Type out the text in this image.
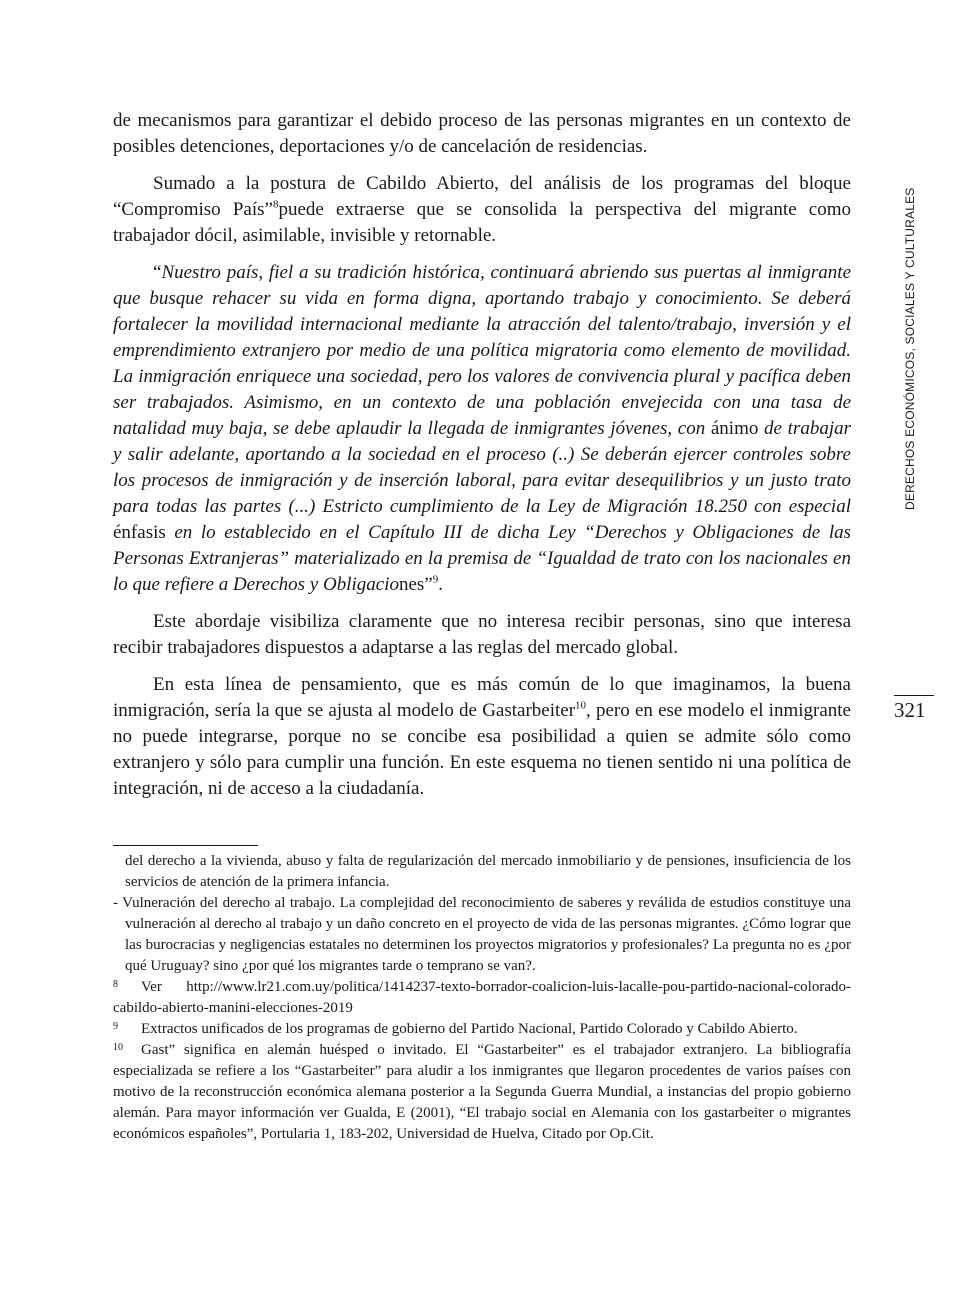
de mecanismos para garantizar el debido proceso de las personas migrantes en un contexto de posibles detenciones, deportaciones y/o de cancelación de residencias.

Sumado a la postura de Cabildo Abierto, del análisis de los programas del bloque “Compromiso País”$^8$puede extraerse que se consolida la perspectiva del migrante como trabajador dócil, asimilable, invisible y retornable.

“Nuestro país, fiel a su tradición histórica, continuará abriendo sus puertas al inmigrante que busque rehacer su vida en forma digna, aportando trabajo y conocimiento. Se deberá fortalecer la movilidad internacional mediante la atracción del talento/trabajo, inversión y el emprendimiento extranjero por medio de una política migratoria como elemento de movilidad. La inmigración enriquece una sociedad, pero los valores de convivencia plural y pacífica deben ser trabajados. Asimismo, en un contexto de una población envejecida con una tasa de natalidad muy baja, se debe aplaudir la llegada de inmigrantes jóvenes, con ánimo de trabajar y salir adelante, aportando a la sociedad en el proceso (..) Se deberán ejercer controles sobre los procesos de inmigración y de inserción laboral, para evitar desequilibrios y un justo trato para todas las partes (...) Estricto cumplimiento de la Ley de Migración 18.250 con especial énfasis en lo establecido en el Capítulo III de dicha Ley “Derechos y Obligaciones de las Personas Extranjeras” materializado en la premisa de “Igualdad de trato con los nacionales en lo que refiere a Derechos y Obligaciones”$^9$.

Este abordaje visibiliza claramente que no interesa recibir personas, sino que interesa recibir trabajadores dispuestos a adaptarse a las reglas del mercado global.

En esta línea de pensamiento, que es más común de lo que imaginamos, la buena inmigración, sería la que se ajusta al modelo de Gastarbeiter$^{10}$, pero en ese modelo el inmigrante no puede integrarse, porque no se concibe esa posibilidad a quien se admite sólo como extranjero y sólo para cumplir una función. En este esquema no tienen sentido ni una política de integración, ni de acceso a la ciudadanía.

DERECHOS ECONÓMICOS, SOCIALES Y CULTURALES
321

del derecho a la vivienda, abuso y falta de regularización del mercado inmobiliario y de pensiones, insuficiencia de los servicios de atención de la primera infancia.

- Vulneración del derecho al trabajo. La complejidad del reconocimiento de saberes y reválida de estudios constituye una vulneración al derecho al trabajo y un daño concreto en el proyecto de vida de las personas migrantes. ¿Cómo lograr que las burocracias y negligencias estatales no determinen los proyectos migratorios y profesionales? La pregunta no es ¿por qué Uruguay? sino ¿por qué los migrantes tarde o temprano se van?.

8 Ver http://www.lr21.com.uy/politica/1414237-texto-borrador-coalicion-luis-lacalle-pou-partido-nacional-colorado-cabildo-abierto-manini-elecciones-2019

9 Extractos unificados de los programas de gobierno del Partido Nacional, Partido Colorado y Cabildo Abierto.

10 Gast” significa en alemán huésped o invitado. El “Gastarbeiter” es el trabajador extranjero. La bibliografía especializada se refiere a los “Gastarbeiter” para aludir a los inmigrantes que llegaron procedentes de varios países con motivo de la reconstrucción económica alemana posterior a la Segunda Guerra Mundial, a instancias del propio gobierno alemán. Para mayor información ver Gualda, E (2001), “El trabajo social en Alemania con los gastarbeiter o migrantes económicos españoles”, Portularia 1, 183-202, Universidad de Huelva, Citado por Op.Cit.
